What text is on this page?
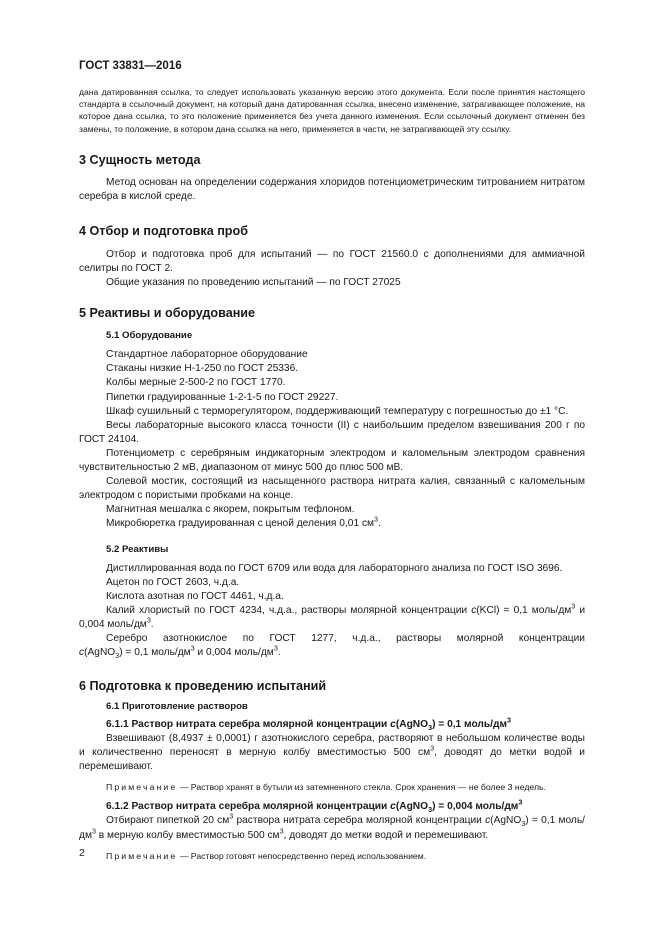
ГОСТ 33831—2016

дана датированная ссылка, то следует использовать указанную версию этого документа. Если после принятия настоящего стандарта в ссылочный документ, на который дана датированная ссылка, внесено изменение, затрагивающее положение, на которое дана ссылка, то это положение применяется без учета данного изменения. Если ссылочный документ отменен без замены, то положение, в котором дана ссылка на него, применяется в части, не затрагивающей эту ссылку.

3 Сущность метода

Метод основан на определении содержания хлоридов потенциометрическим титрованием нитратом серебра в кислой среде.

4 Отбор и подготовка проб

Отбор и подготовка проб для испытаний — по ГОСТ 21560.0 с дополнениями для аммиачной селитры по ГОСТ 2.

Общие указания по проведению испытаний — по ГОСТ 27025

5 Реактивы и оборудование
5.1 Оборудование

Стандартное лабораторное оборудование

Стаканы низкие Н-1-250 по ГОСТ 25336.

Колбы мерные 2-500-2 по ГОСТ 1770.

Пипетки градуированные 1-2-1-5 по ГОСТ 29227.

Шкаф сушильный с терморегулятором, поддерживающий температуру с погрешностью до ±1 °С.

Весы лабораторные высокого класса точности (II) с наибольшим пределом взвешивания 200 г по ГОСТ 24104.

Потенциометр с серебряным индикаторным электродом и каломельным электродом сравнения чувствительностью 2 мВ, диапазоном от минус 500 до плюс 500 мВ.

Солевой мостик, состоящий из насыщенного раствора нитрата калия, связанный с каломельным электродом с пористыми пробками на конце.

Магнитная мешалка с якорем, покрытым тефлоном.

Микробюретка градуированная с ценой деления 0,01 $см^3$.

5.2 Реактивы

Дистиллированная вода по ГОСТ 6709 или вода для лабораторного анализа по ГОСТ ISO 3696.

Ацетон по ГОСТ 2603, ч.д.а.

Кислота азотная по ГОСТ 4461, ч.д.а.

Калий хлористый по ГОСТ 4234, ч.д.а., растворы молярной концентрации c(KCl) = 0,1 моль/$дм^3$ и 0,004 моль/$дм^3$.

Серебро азотнокислое по ГОСТ 1277, ч.д.а., растворы молярной концентрации

c(AgNO$_3$) = 0,1 моль/$дм^3$ и 0,004 моль/$дм^3$.

6 Подготовка к проведению испытаний
6.1 Приготовление растворов

6.1.1 Раствор нитрата серебра молярной концентрации c(AgNO$_3$) = 0,1 моль/$дм^3$

Взвешивают (8,4937 ± 0,0001) г азотнокислого серебра, растворяют в небольшом количестве воды и количественно переносят в мерную колбу вместимостью 500 $см^3$, доводят до метки водой и перемешивают.

Примечание — Раствор хранят в бутыли из затемненного стекла. Срок хранения — не более 3 недель.

6.1.2 Раствор нитрата серебра молярной концентрации c(AgNO$_3$) = 0,004 моль/$дм^3$

Отбирают пипеткой 20 $см^3$ раствора нитрата серебра молярной концентрации c(AgNO$_3$) = 0,1 моль/$дм^3$ в мерную колбу вместимостью 500 $см^3$, доводят до метки водой и перемешивают.

Примечание — Раствор готовят непосредственно перед использованием.

2
